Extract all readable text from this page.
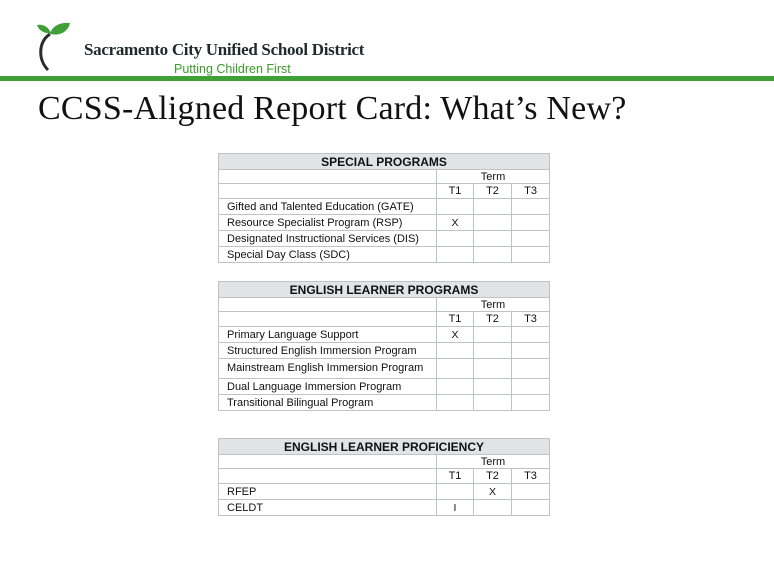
Sacramento City Unified School District
Putting Children First
CCSS-Aligned Report Card: What’s New?
SPECIAL PROGRAMS			
	Term		
	T1	T2	T3
Gifted and Talented Education (GATE)			
Resource Specialist Program (RSP)	X		
Designated Instructional Services (DIS)			
Special Day Class (SDC)			
ENGLISH LEARNER PROGRAMS			
	Term		
	T1	T2	T3
Primary Language Support	X		
Structured English Immersion Program			
Mainstream English Immersion Program			
Dual Language Immersion Program			
Transitional Bilingual Program			
ENGLISH LEARNER PROFICIENCY			
	Term		
	T1	T2	T3
RFEP		X	
CELDT	I		
